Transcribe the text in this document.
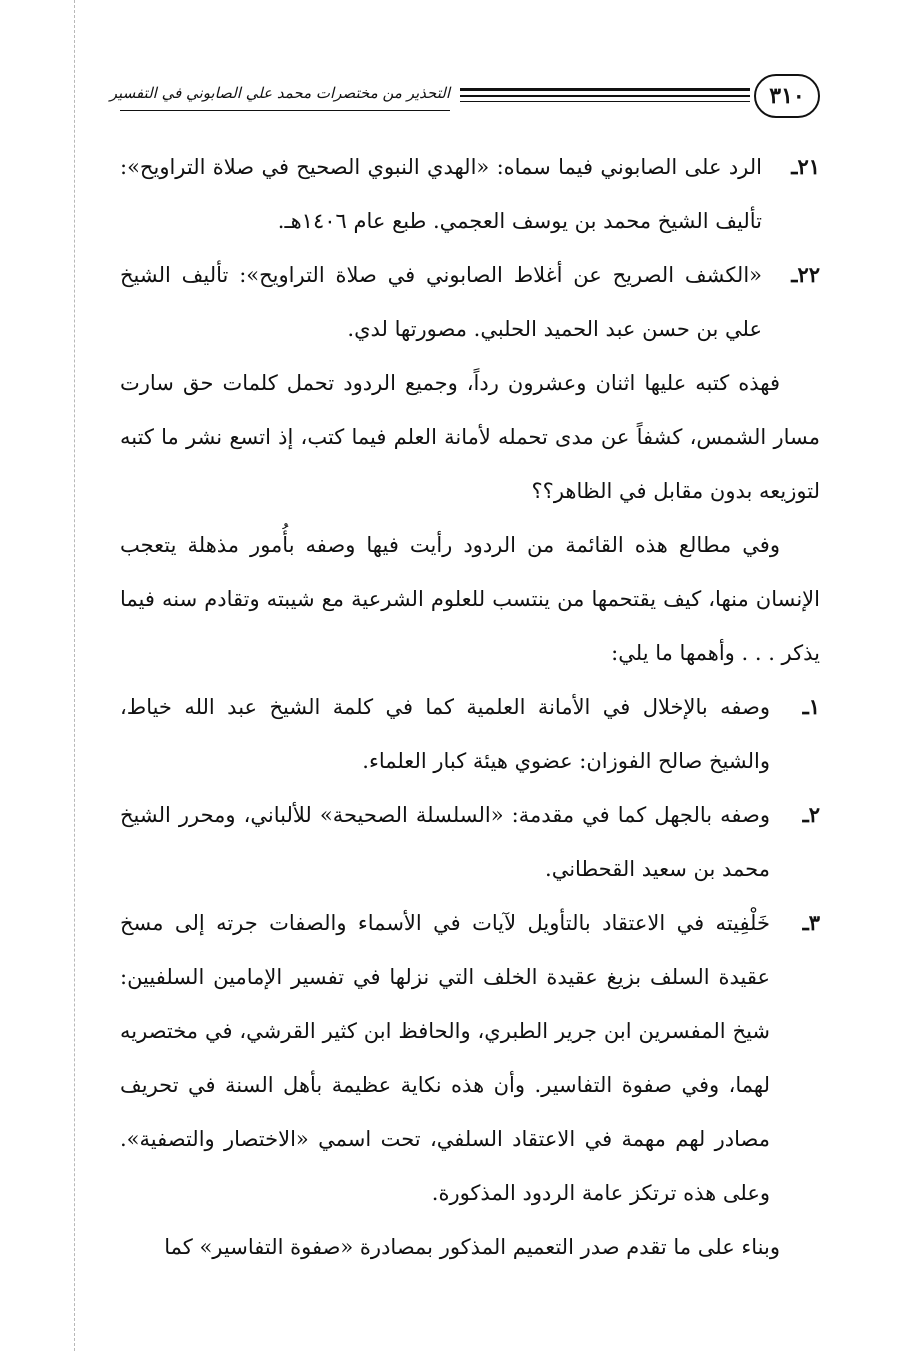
٣١٠
التحذير من مختصرات محمد علي الصابوني في التفسير
٢١ـ
الرد على الصابوني فيما سماه: «الهدي النبوي الصحيح في صلاة التراويح»: تأليف الشيخ محمد بن يوسف العجمي. طبع عام ١٤٠٦هـ.
٢٢ـ
«الكشف الصريح عن أغلاط الصابوني في صلاة التراويح»: تأليف الشيخ علي بن حسن عبد الحميد الحلبي. مصورتها لدي.

فهذه كتبه عليها اثنان وعشرون رداً، وجميع الردود تحمل كلمات حق سارت مسار الشمس، كشفاً عن مدى تحمله لأمانة العلم فيما كتب، إذ اتسع نشر ما كتبه لتوزيعه بدون مقابل في الظاهر؟؟

وفي مطالع هذه القائمة من الردود رأيت فيها وصفه بأُمور مذهلة يتعجب الإنسان منها، كيف يقتحمها من ينتسب للعلوم الشرعية مع شيبته وتقادم سنه فيما يذكر . . . وأهمها ما يلي:

١ـ
وصفه بالإخلال في الأمانة العلمية كما في كلمة الشيخ عبد الله خياط، والشيخ صالح الفوزان: عضوي هيئة كبار العلماء.
٢ـ
وصفه بالجهل كما في مقدمة: «السلسلة الصحيحة» للألباني، ومحرر الشيخ محمد بن سعيد القحطاني.
٣ـ
خَلْفِيته في الاعتقاد بالتأويل لآيات في الأسماء والصفات جرته إلى مسخ عقيدة السلف بزيغ عقيدة الخلف التي نزلها في تفسير الإمامين السلفيين: شيخ المفسرين ابن جرير الطبري، والحافظ ابن كثير القرشي، في مختصريه لهما، وفي صفوة التفاسير. وأن هذه نكاية عظيمة بأهل السنة في تحريف مصادر لهم مهمة في الاعتقاد السلفي، تحت اسمي «الاختصار والتصفية». وعلى هذه ترتكز عامة الردود المذكورة.

وبناء على ما تقدم صدر التعميم المذكور بمصادرة «صفوة التفاسير» كما
